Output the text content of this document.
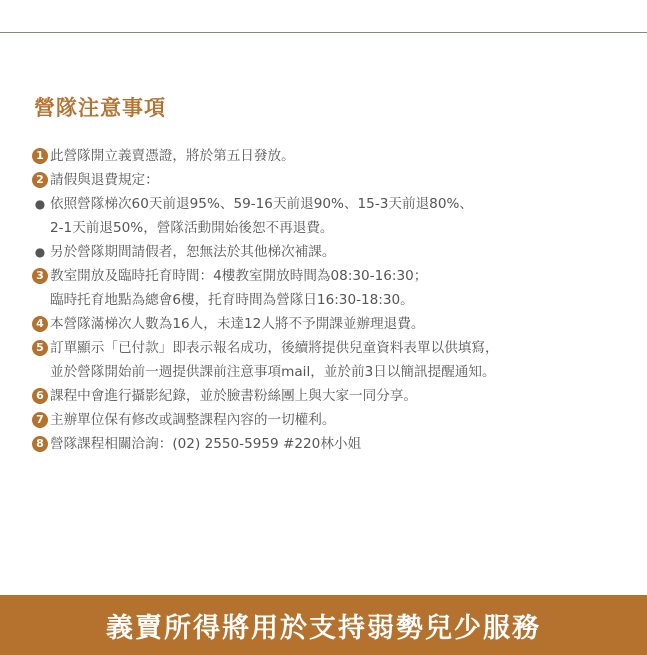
營隊注意事項
1 此營隊開立義賣憑證，將於第五日發放。
2 請假與退費規定：
● 依照營隊梯次60天前退95%、59-16天前退90%、15-3天前退80%、
2-1天前退50%，營隊活動開始後恕不再退費。
● 另於營隊期間請假者，恕無法於其他梯次補課。
3 教室開放及臨時托育時間：4樓教室開放時間為08:30-16:30；
臨時托育地點為總會6樓，托育時間為營隊日16:30-18:30。
4 本營隊滿梯次人數為16人，未達12人將不予開課並辦理退費。
5 訂單顯示「已付款」即表示報名成功，後續將提供兒童資料表單以供填寫，
並於營隊開始前一週提供課前注意事項mail，並於前3日以簡訊提醒通知。
6 課程中會進行攝影紀錄，並於臉書粉絲團上與大家一同分享。
7 主辦單位保有修改或調整課程內容的一切權利。
8 營隊課程相關洽詢：(02) 2550-5959 #220林小姐
義賣所得將用於支持弱勢兒少服務
